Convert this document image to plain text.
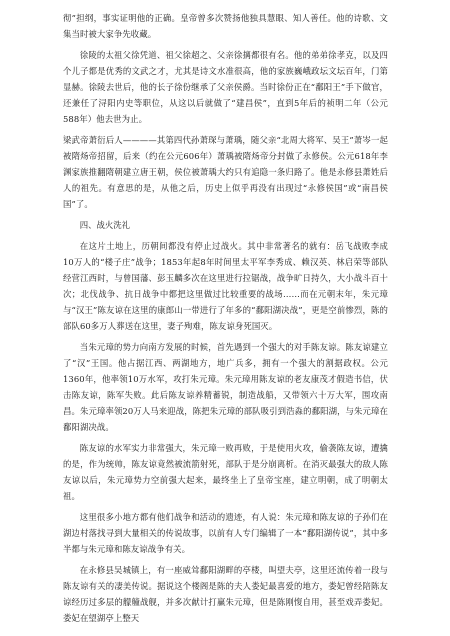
彻”担纲，事实证明他的正确。皇帝曾多次赞扬他独具慧眼、知人善任。他的诗歌、文集当时被大家争先收藏。

徐陵的太祖父徐凭道、祖父徐超之、父亲徐摛都很有名。他的弟弟徐孝克，以及四个儿子都是优秀的文武之才，尤其是诗文水准很高，他的家族巍峨政坛文坛百年，门第显赫。徐陵去世后，他的长子徐份继承了父亲侯爵。当时徐份正在“鄱阳王”手下做官，还兼任了浔阳内史等职位，从这以后就做了“建昌侯”，直到5年后的祯明二年（公元588年）他去世为止。

梁武帝萧衍后人————其第四代孙萧琛与萧瑀，随父亲“北周大将军、吴王”萧岑一起被隋炀帝招留，后来（约在公元606年）萧瑀被隋炀帝分封做了永修侯。公元618年李渊家族推翻隋朝建立唐王朝，侯位被萧瑀大约只有追隐一条归路了。他是永修县萧姓后人的祖先。有意思的是，从他之后，历史上似乎再没有出现过“永修侯国”或“南昌侯国”了。

四、战火洗礼

在这片土地上，历朝间都没有停止过战火。其中非常著名的就有：岳飞战败李成 10万人的“楼子庄”战争；1853年起8年时间里太平军李秀成、赖汉英、林启荣等部队经营江西时，与曾国藩、彭玉麟多次在这里进行拉锯战，战争旷日持久，大小战斗百十次；北伐战争、抗日战争中都把这里做过比较重要的战场……而在元朝末年，朱元璋与“汉王”陈友谅在这里的康郎山一带进行了年多的“鄱阳湖决战”，更是空前惨烈，陈的部队60多万人葬送在这里，妻子殉难，陈友谅身死国灭。

当朱元璋的势力向南方发展的时候，首先遇到一个强大的对手陈友谅。陈友谅建立了“汉”王国。他占据江西、两湖地方，地广兵多，拥有一个强大的割据政权。公元1360年，他率领10万水军，攻打朱元璋。朱元璋用陈友谅的老友康茂才假造书信，伏击陈友谅，陈军失败。此后陈友谅养精蓄锐，制造战船，又带领六十万大军，围攻南昌。朱元璋率领20万人马来迎战，陈把朱元璋的部队吸引到浩淼的鄱阳湖，与朱元璋在鄱阳湖决战。

陈友谅的水军实力非常强大，朱元璋一败再败，于是使用火攻，偷袭陈友谅，遭擒的是，作为统帅，陈友谅竟然被流箭射死，部队于是分崩离析。在消灭最强大的敌人陈友谅以后，朱元璋势力空前强大起来，最终坐上了皇帝宝座，建立明朝，成了明朝太祖。

这里很多小地方都有他们战争和活动的遗迹，有人说：朱元璋和陈友谅的子孙们在湖边村落找寻到大量相关的传说故事，以前有人专门编辑了一本“鄱阳湖传说”，其中多半都与朱元璋和陈友谅战争有关。

在永修县吴城镇上，有一座威耸鄱阳湖畔的亭楼，叫望夫亭，这里还流传着一段与陈友谅有关的凄美传说。据说这个楼阁是陈的夫人娄妃最喜爱的地方，娄妃曾经陪陈友谅经历过多层的艨艟战舰，并多次献计打赢朱元璋，但是陈刚愎自用，甚至戏弄娄妃。娄妃在望湖亭上整天
